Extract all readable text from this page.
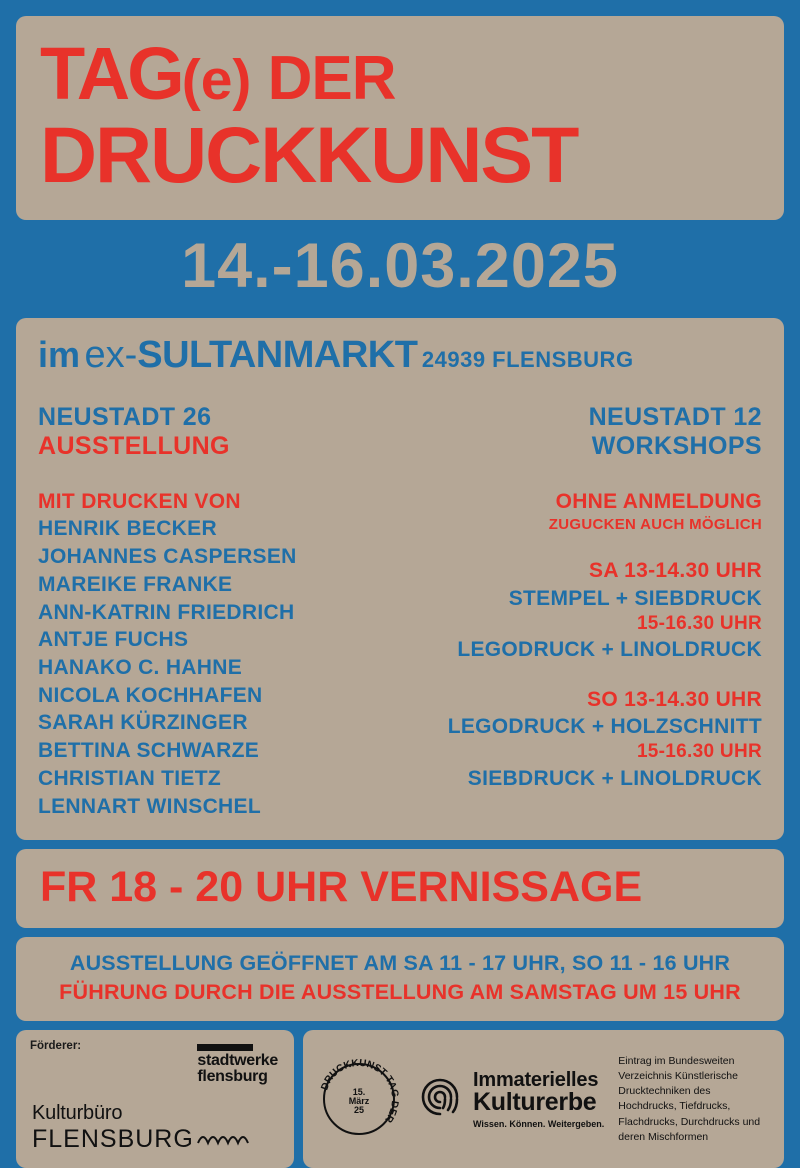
TAG(e) DER
DRUCKKUNST
14.-16.03.2025
im ex-SULTANMARKT 24939 FLENSBURG
NEUSTADT 26
AUSSTELLUNG
MIT DRUCKEN VON
HENRIK BECKER
JOHANNES CASPERSEN
MAREIKE FRANKE
ANN-KATRIN FRIEDRICH
ANTJE FUCHS
HANAKO C. HAHNE
NICOLA KOCHHAFEN
SARAH KÜRZINGER
BETTINA SCHWARZE
CHRISTIAN TIETZ
LENNART WINSCHEL
NEUSTADT 12
WORKSHOPS
OHNE ANMELDUNG
ZUGUCKEN AUCH MÖGLICH
SA 13-14.30 UHR
STEMPEL + SIEBDRUCK
15-16.30 UHR
LEGODRUCK + LINOLDRUCK
SO 13-14.30 UHR
LEGODRUCK + HOLZSCHNITT
15-16.30 UHR
SIEBDRUCK + LINOLDRUCK
FR 18 - 20 UHR VERNISSAGE
AUSSTELLUNG GEÖFFNET AM SA 11 - 17 UHR, SO 11 - 16 UHR
FÜHRUNG DURCH DIE AUSSTELLUNG AM SAMSTAG UM 15 UHR
Förderer:
stadtwerke
flensburg
Kulturbüro
FLENSBURG
DRUCKKUNST TAG DER
15.
März
25
Immaterielles
Kulturerbe
Wissen. Können. Weitergeben.
Eintrag im Bundesweiten Verzeichnis Künstlerische Drucktechniken des Hochdrucks, Tiefdrucks, Flachdrucks, Durchdrucks und deren Mischformen
